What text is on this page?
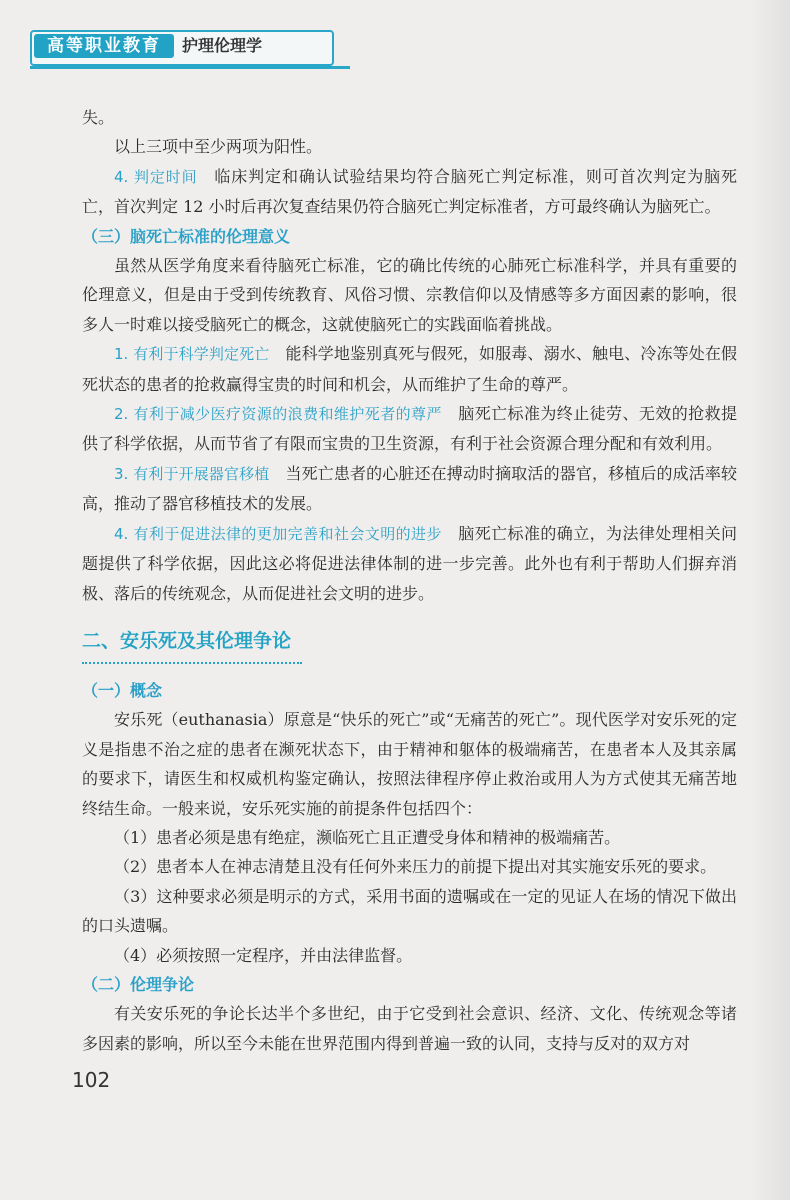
高等职业教育	护理伦理学

失。

以上三项中至少两项为阳性。

4. 判定时间　临床判定和确认试验结果均符合脑死亡判定标准，则可首次判定为脑死亡，首次判定 12 小时后再次复查结果仍符合脑死亡判定标准者，方可最终确认为脑死亡。

（三）脑死亡标准的伦理意义

虽然从医学角度来看待脑死亡标准，它的确比传统的心肺死亡标准科学，并具有重要的伦理意义，但是由于受到传统教育、风俗习惯、宗教信仰以及情感等多方面因素的影响，很多人一时难以接受脑死亡的概念，这就使脑死亡的实践面临着挑战。

1. 有利于科学判定死亡　能科学地鉴别真死与假死，如服毒、溺水、触电、冷冻等处在假死状态的患者的抢救赢得宝贵的时间和机会，从而维护了生命的尊严。

2. 有利于减少医疗资源的浪费和维护死者的尊严　脑死亡标准为终止徒劳、无效的抢救提供了科学依据，从而节省了有限而宝贵的卫生资源，有利于社会资源合理分配和有效利用。

3. 有利于开展器官移植　当死亡患者的心脏还在搏动时摘取活的器官，移植后的成活率较高，推动了器官移植技术的发展。

4. 有利于促进法律的更加完善和社会文明的进步　脑死亡标准的确立，为法律处理相关问题提供了科学依据，因此这必将促进法律体制的进一步完善。此外也有利于帮助人们摒弃消极、落后的传统观念，从而促进社会文明的进步。

二、安乐死及其伦理争论

（一）概念

安乐死（euthanasia）原意是“快乐的死亡”或“无痛苦的死亡”。现代医学对安乐死的定义是指患不治之症的患者在濒死状态下，由于精神和躯体的极端痛苦，在患者本人及其亲属的要求下，请医生和权威机构鉴定确认，按照法律程序停止救治或用人为方式使其无痛苦地终结生命。一般来说，安乐死实施的前提条件包括四个：

（1）患者必须是患有绝症，濒临死亡且正遭受身体和精神的极端痛苦。

（2）患者本人在神志清楚且没有任何外来压力的前提下提出对其实施安乐死的要求。

（3）这种要求必须是明示的方式，采用书面的遗嘱或在一定的见证人在场的情况下做出的口头遗嘱。

（4）必须按照一定程序，并由法律监督。

（二）伦理争论

有关安乐死的争论长达半个多世纪，由于它受到社会意识、经济、文化、传统观念等诸多因素的影响，所以至今未能在世界范围内得到普遍一致的认同，支持与反对的双方对

102
